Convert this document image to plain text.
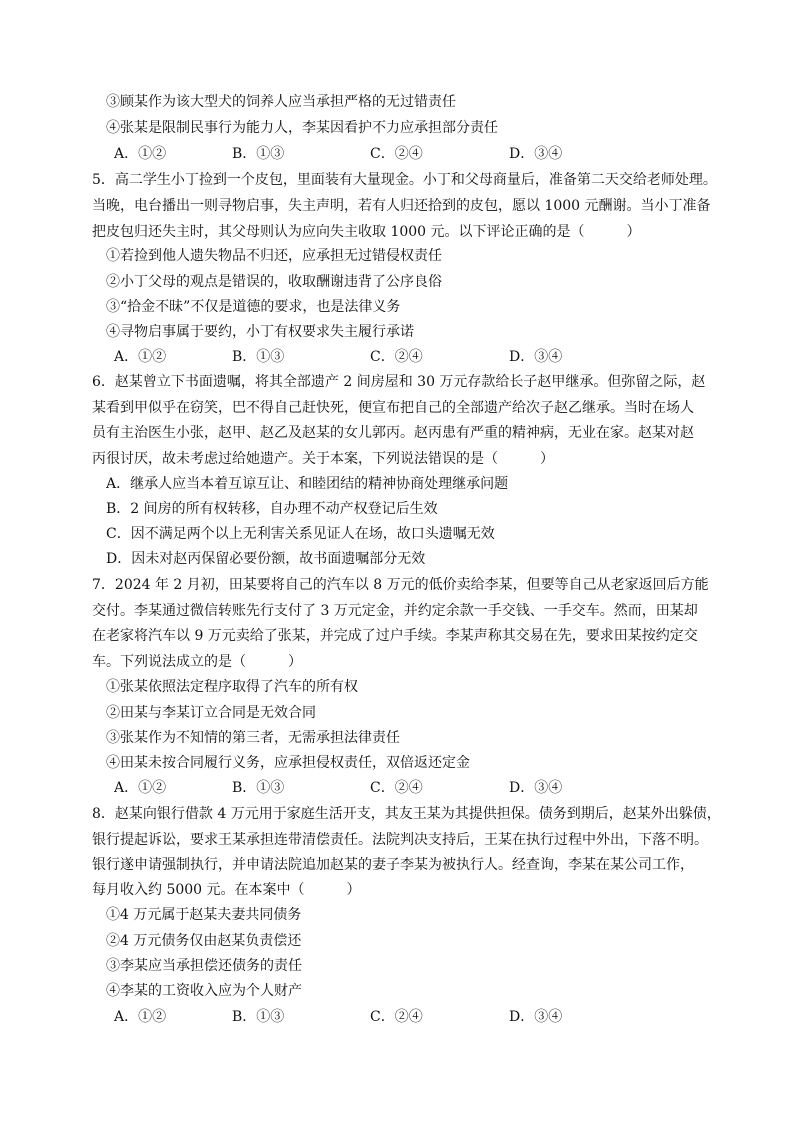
③顾某作为该大型犬的饲养人应当承担严格的无过错责任
④张某是限制民事行为能力人，李某因看护不力应承担部分责任
A．①②	B．①③	C．②④	D．③④
5．高二学生小丁捡到一个皮包，里面装有大量现金。小丁和父母商量后，准备第二天交给老师处理。
当晚，电台播出一则寻物启事，失主声明，若有人归还拾到的皮包，愿以 1000 元酬谢。当小丁准备
把皮包归还失主时，其父母则认为应向失主收取 1000 元。以下评论正确的是（　　　）
①若捡到他人遗失物品不归还，应承担无过错侵权责任
②小丁父母的观点是错误的，收取酬谢违背了公序良俗
③“拾金不昧”不仅是道德的要求，也是法律义务
④寻物启事属于要约，小丁有权要求失主履行承诺
A．①②	B．①③	C．②④	D．③④
6．赵某曾立下书面遗嘱，将其全部遗产 2 间房屋和 30 万元存款给长子赵甲继承。但弥留之际，赵
某看到甲似乎在窃笑，巴不得自己赶快死，便宣布把自己的全部遗产给次子赵乙继承。当时在场人
员有主治医生小张，赵甲、赵乙及赵某的女儿郭丙。赵丙患有严重的精神病，无业在家。赵某对赵
丙很讨厌，故未考虑过给她遗产。关于本案，下列说法错误的是（　　　）
A．继承人应当本着互谅互让、和睦团结的精神协商处理继承问题
B．2 间房的所有权转移，自办理不动产权登记后生效
C．因不满足两个以上无利害关系见证人在场，故口头遗嘱无效
D．因未对赵丙保留必要份额，故书面遗嘱部分无效
7．2024 年 2 月初，田某要将自己的汽车以 8 万元的低价卖给李某，但要等自己从老家返回后方能
交付。李某通过微信转账先行支付了 3 万元定金，并约定余款一手交钱、一手交车。然而，田某却
在老家将汽车以 9 万元卖给了张某，并完成了过户手续。李某声称其交易在先，要求田某按约定交
车。下列说法成立的是（　　　）
①张某依照法定程序取得了汽车的所有权
②田某与李某订立合同是无效合同
③张某作为不知情的第三者，无需承担法律责任
④田某未按合同履行义务，应承担侵权责任，双倍返还定金
A．①②	B．①③	C．②④	D．③④
8．赵某向银行借款 4 万元用于家庭生活开支，其友王某为其提供担保。债务到期后，赵某外出躲债，
银行提起诉讼，要求王某承担连带清偿责任。法院判决支持后，王某在执行过程中外出，下落不明。
银行遂申请强制执行，并申请法院追加赵某的妻子李某为被执行人。经查询，李某在某公司工作，
每月收入约 5000 元。在本案中（　　　）
①4 万元属于赵某夫妻共同债务
②4 万元债务仅由赵某负责偿还
③李某应当承担偿还债务的责任
④李某的工资收入应为个人财产
A．①②	B．①③	C．②④	D．③④
